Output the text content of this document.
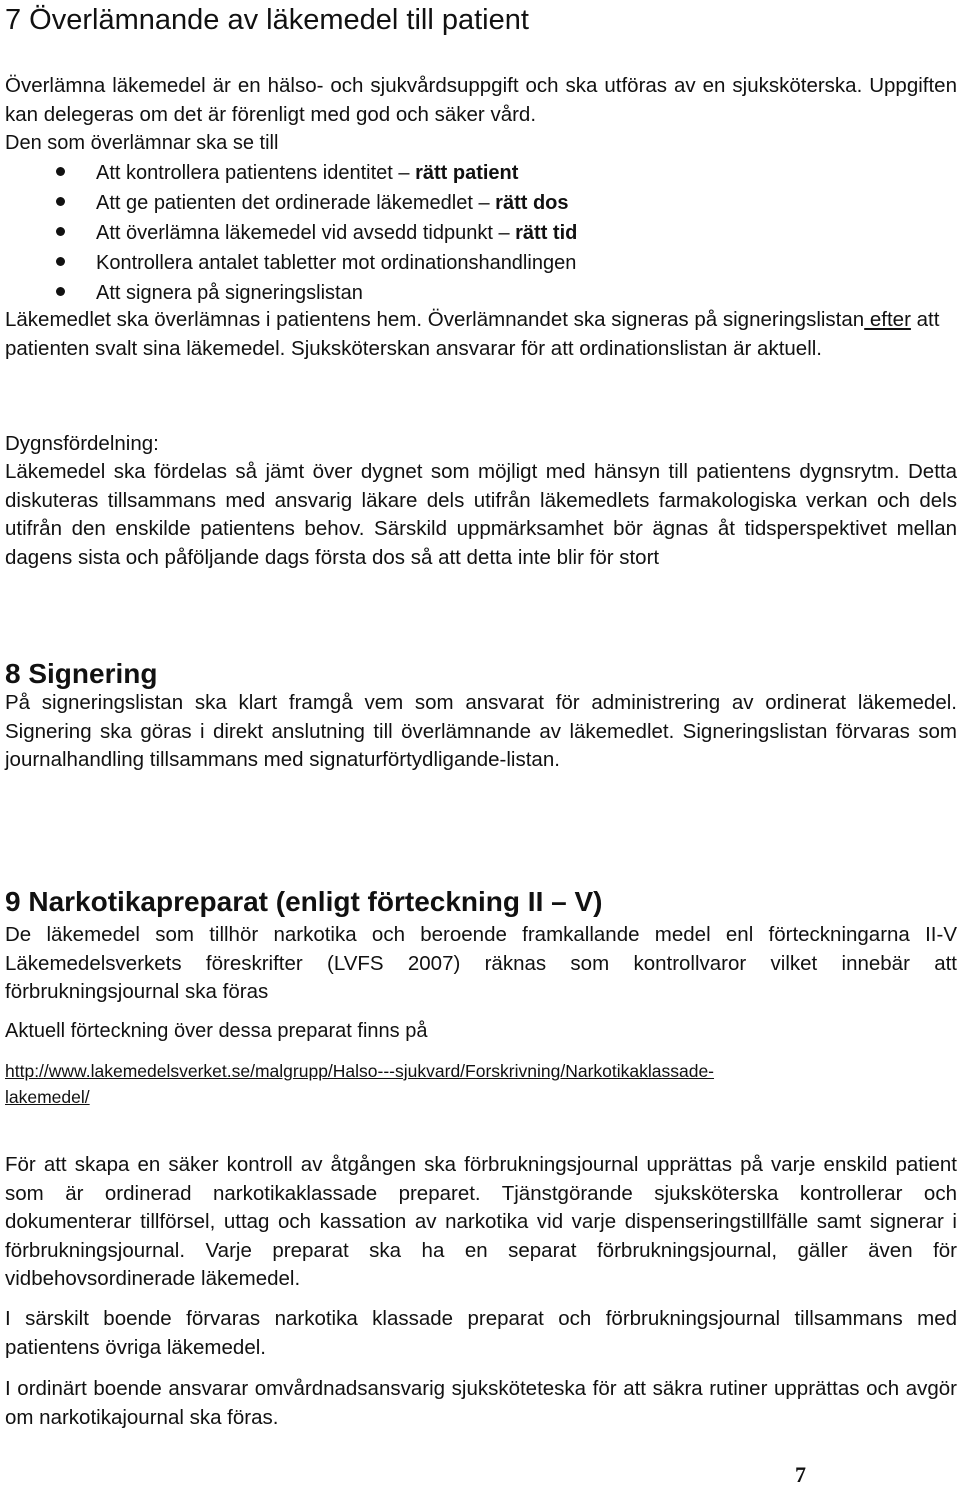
7 Överlämnande av läkemedel till patient

Överlämna läkemedel är en hälso- och sjukvårdsuppgift och ska utföras av en sjuksköterska. Uppgiften kan delegeras om det är förenligt med god och säker vård.

Den som överlämnar ska se till

Att kontrollera patientens identitet – rätt patient
Att ge patienten det ordinerade läkemedlet – rätt dos
Att överlämna läkemedel vid avsedd tidpunkt – rätt tid
Kontrollera antalet tabletter mot ordinationshandlingen
Att signera på signeringslistan

Läkemedlet ska överlämnas i patientens hem. Överlämnandet ska signeras på signeringslistan efter att patienten svalt sina läkemedel. Sjuksköterskan ansvarar för att ordinationslistan är aktuell.

Dygnsfördelning:

Läkemedel ska fördelas så jämt över dygnet som möjligt med hänsyn till patientens dygnsrytm. Detta diskuteras tillsammans med ansvarig läkare dels utifrån läkemedlets farmakologiska verkan och dels utifrån den enskilde patientens behov. Särskild uppmärksamhet bör ägnas åt tidsperspektivet mellan dagens sista och påföljande dags första dos så att detta inte blir för stort

8 Signering

På signeringslistan ska klart framgå vem som ansvarat för administrering av ordinerat läkemedel. Signering ska göras i direkt anslutning till överlämnande av läkemedlet. Signeringslistan förvaras som journalhandling tillsammans med signaturförtydligande-listan.

9 Narkotikapreparat (enligt förteckning II – V)

De läkemedel som tillhör narkotika och beroende framkallande medel enl förteckningarna II-V Läkemedelsverkets föreskrifter (LVFS 2007) räknas som kontrollvaror vilket innebär att förbrukningsjournal ska föras

Aktuell förteckning över dessa preparat finns på

http://www.lakemedelsverket.se/malgrupp/Halso---sjukvard/Forskrivning/Narkotikaklassade-
lakemedel/

För att skapa en säker kontroll av åtgången ska förbrukningsjournal upprättas på varje enskild patient som är ordinerad narkotikaklassade preparet. Tjänstgörande sjuksköterska kontrollerar och dokumenterar tillförsel, uttag och kassation av narkotika vid varje dispenseringstillfälle samt signerar i förbrukningsjournal. Varje preparat ska ha en separat förbrukningsjournal, gäller även för vidbehovsordinerade läkemedel.

I särskilt boende förvaras narkotika klassade preparat och förbrukningsjournal tillsammans med patientens övriga läkemedel.

I ordinärt boende ansvarar omvårdnadsansvarig sjuksköteteska för att säkra rutiner upprättas och avgör om narkotikajournal ska föras.

7
